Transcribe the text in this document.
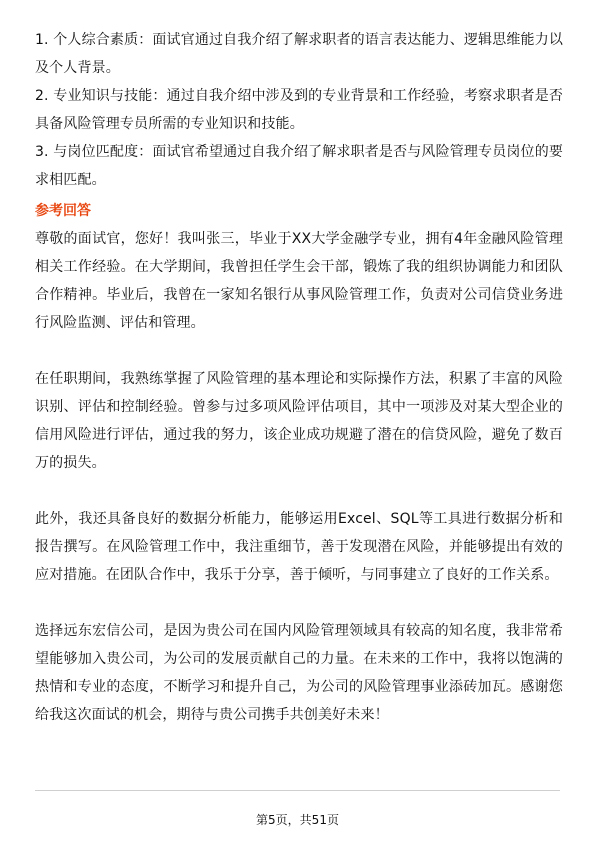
1. 个人综合素质：面试官通过自我介绍了解求职者的语言表达能力、逻辑思维能力以及个人背景。

2. 专业知识与技能：通过自我介绍中涉及到的专业背景和工作经验，考察求职者是否具备风险管理专员所需的专业知识和技能。

3. 与岗位匹配度：面试官希望通过自我介绍了解求职者是否与风险管理专员岗位的要求相匹配。

参考回答

尊敬的面试官，您好！我叫张三，毕业于XX大学金融学专业，拥有4年金融风险管理相关工作经验。在大学期间，我曾担任学生会干部，锻炼了我的组织协调能力和团队合作精神。毕业后，我曾在一家知名银行从事风险管理工作，负责对公司信贷业务进行风险监测、评估和管理。

在任职期间，我熟练掌握了风险管理的基本理论和实际操作方法，积累了丰富的风险识别、评估和控制经验。曾参与过多项风险评估项目，其中一项涉及对某大型企业的信用风险进行评估，通过我的努力，该企业成功规避了潜在的信贷风险，避免了数百万的损失。

此外，我还具备良好的数据分析能力，能够运用Excel、SQL等工具进行数据分析和报告撰写。在风险管理工作中，我注重细节，善于发现潜在风险，并能够提出有效的应对措施。在团队合作中，我乐于分享，善于倾听，与同事建立了良好的工作关系。

选择远东宏信公司，是因为贵公司在国内风险管理领域具有较高的知名度，我非常希望能够加入贵公司，为公司的发展贡献自己的力量。在未来的工作中，我将以饱满的热情和专业的态度，不断学习和提升自己，为公司的风险管理事业添砖加瓦。感谢您给我这次面试的机会，期待与贵公司携手共创美好未来！

第5页，共51页
